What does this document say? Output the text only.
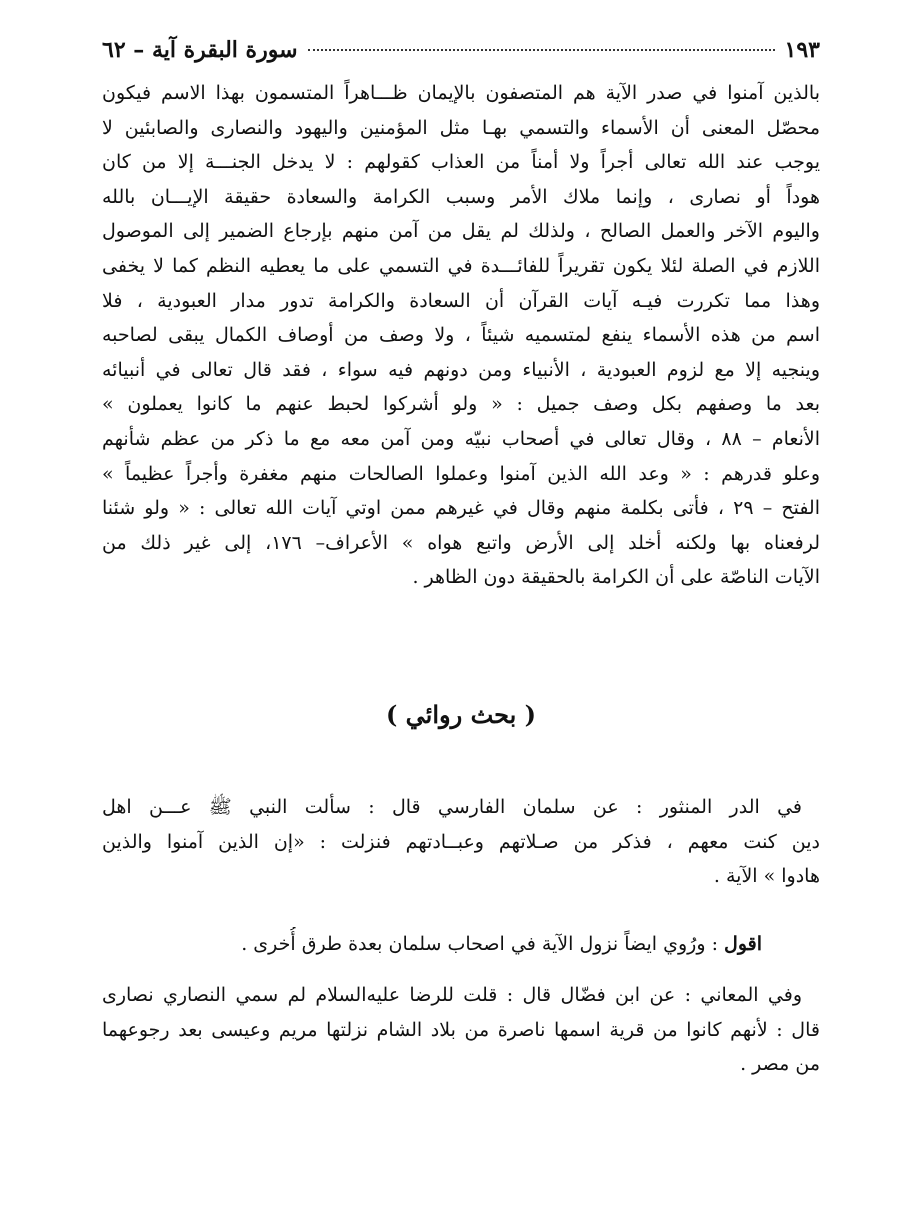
سورة البقرة آية – ٦٢	١٩٣
بالذين آمنوا في صدر الآية هم المتصفون بالإيمان ظـــاهراً المتسمون بهذا الاسم فيكون
محصّل المعنى أن الأسماء والتسمي بهـا مثل المؤمنين واليهود والنصارى والصابئين لا
يوجب عند الله تعالى أجراً ولا أمناً من العذاب كقولهم : لا يدخل الجنـــة إلا من كان
هوداً أو نصارى ، وإنما ملاك الأمر وسبب الكرامة والسعادة حقيقة الإيـــان بالله
واليوم الآخر والعمل الصالح ، ولذلك لم يقل من آمن منهم بإرجاع الضمير إلى الموصول
اللازم في الصلة لئلا يكون تقريراً للفائـــدة في التسمي على ما يعطيه النظم كما لا يخفى
وهذا مما تكررت فيـه آيات القرآن أن السعادة والكرامة تدور مدار العبودية ، فلا
اسم من هذه الأسماء ينفع لمتسميه شيئاً ، ولا وصف من أوصاف الكمال يبقى لصاحبه
وينجيه إلا مع لزوم العبودية ، الأنبياء ومن دونهم فيه سواء ، فقد قال تعالى في أنبيائه
بعد ما وصفهم بكل وصف جميل : « ولو أشركوا لحبط عنهم ما كانوا يعملون »
الأنعام – ٨٨ ، وقال تعالى في أصحاب نبيّه ومن آمن معه مع ما ذكر من عظم شأنهم
وعلو قدرهم : « وعد الله الذين آمنوا وعملوا الصالحات منهم مغفرة وأجراً عظيماً »
الفتح – ٢٩ ، فأتى بكلمة منهم وقال في غيرهم ممن اوتي آيات الله تعالى : « ولو شئنا
لرفعناه بها ولكنه أخلد إلى الأرض واتبع هواه » الأعراف– ١٧٦، إلى غير ذلك من
الآيات الناصّة على أن الكرامة بالحقيقة دون الظاهر .
( بحث روائي )
في الدر المنثور : عن سلمان الفارسي قال : سألت النبي ﷺ عـــن اهل
دين كنت معهم ، فذكر من صـلاتهم وعبــادتهم فنزلت : «إن الذين آمنوا والذين
هادوا » الآية .
اقول : ورُوي ايضاً نزول الآية في اصحاب سلمان بعدة طرق أُخرى .
وفي المعاني : عن ابن فضّال قال : قلت للرضا عليه‌السلام لم سمي النصاري نصارى
قال : لأنهم كانوا من قرية اسمها ناصرة من بلاد الشام نزلتها مريم وعيسى بعد رجوعهما
من مصر .
